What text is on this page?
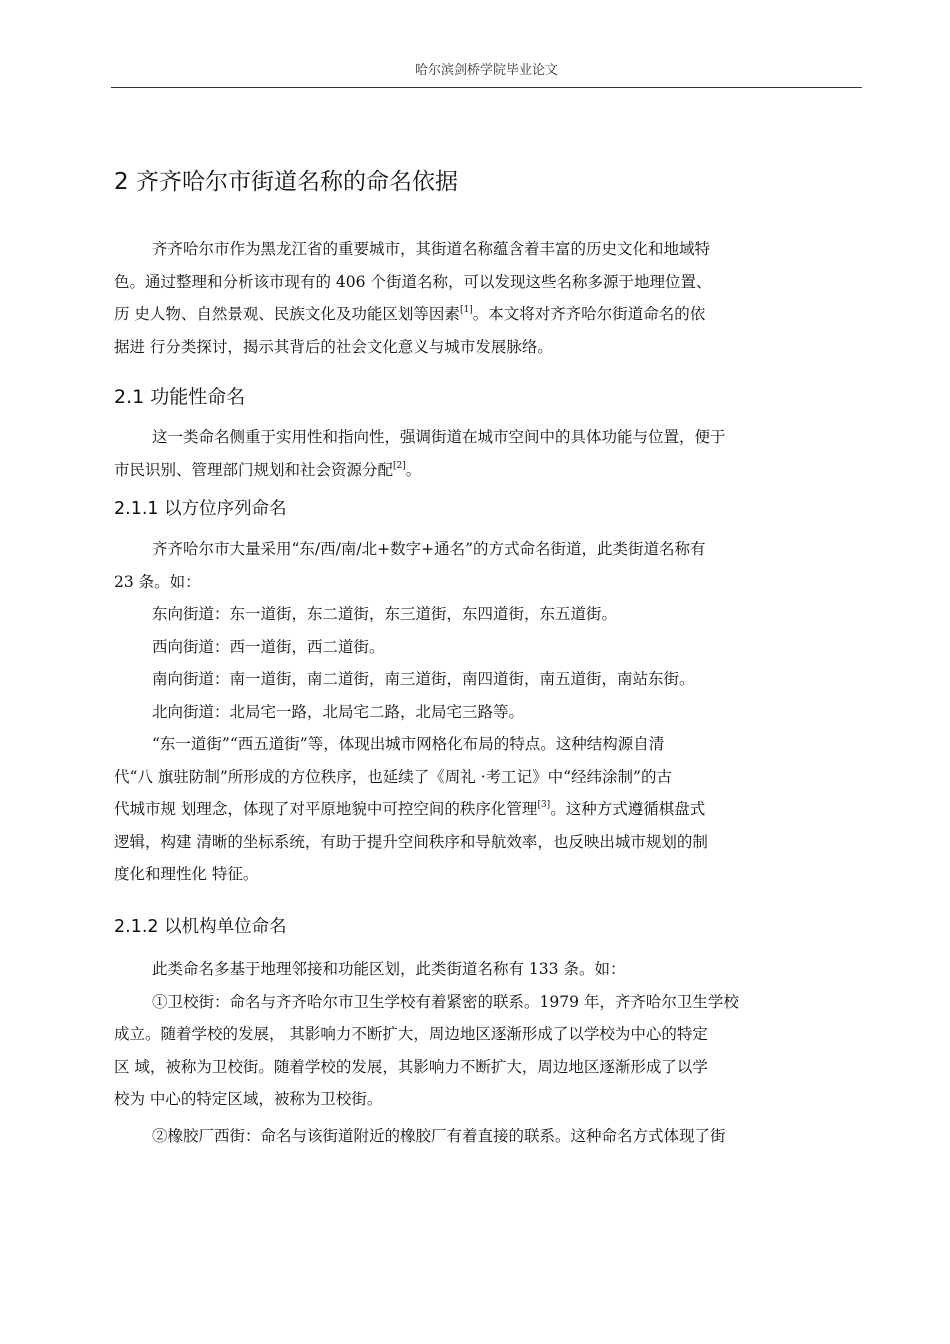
哈尔滨剑桥学院毕业论文
2 齐齐哈尔市街道名称的命名依据
齐齐哈尔市作为黑龙江省的重要城市，其街道名称蕴含着丰富的历史文化和地域特
色。通过整理和分析该市现有的 406 个街道名称，可以发现这些名称多源于地理位置、
历 史人物、自然景观、民族文化及功能区划等因素[1]。本文将对齐齐哈尔街道命名的依
据进 行分类探讨，揭示其背后的社会文化意义与城市发展脉络。
2.1 功能性命名
这一类命名侧重于实用性和指向性，强调街道在城市空间中的具体功能与位置，便于
市民识别、管理部门规划和社会资源分配[2]。
2.1.1 以方位序列命名
齐齐哈尔市大量采用“东/西/南/北+数字+通名”的方式命名街道，此类街道名称有
23 条。如：
东向街道：东一道街，东二道街，东三道街，东四道街，东五道街。
西向街道：西一道街，西二道街。
南向街道：南一道街，南二道街，南三道街，南四道街，南五道街，南站东街。
北向街道：北局宅一路，北局宅二路，北局宅三路等。
“东一道街”“西五道街”等，体现出城市网格化布局的特点。这种结构源自清
代“八 旗驻防制”所形成的方位秩序，也延续了《周礼 ·考工记》中“经纬涂制”的古
代城市规 划理念，体现了对平原地貌中可控空间的秩序化管理[3]。这种方式遵循棋盘式
逻辑，构建 清晰的坐标系统，有助于提升空间秩序和导航效率，也反映出城市规划的制
度化和理性化 特征。
2.1.2 以机构单位命名
此类命名多基于地理邻接和功能区划，此类街道名称有 133 条。如：
①卫校街：命名与齐齐哈尔市卫生学校有着紧密的联系。1979 年，齐齐哈尔卫生学校
成立。随着学校的发展， 其影响力不断扩大，周边地区逐渐形成了以学校为中心的特定
区 域，被称为卫校街。随着学校的发展，其影响力不断扩大，周边地区逐渐形成了以学
校为 中心的特定区域，被称为卫校街。
②橡胶厂西街：命名与该街道附近的橡胶厂有着直接的联系。这种命名方式体现了街
